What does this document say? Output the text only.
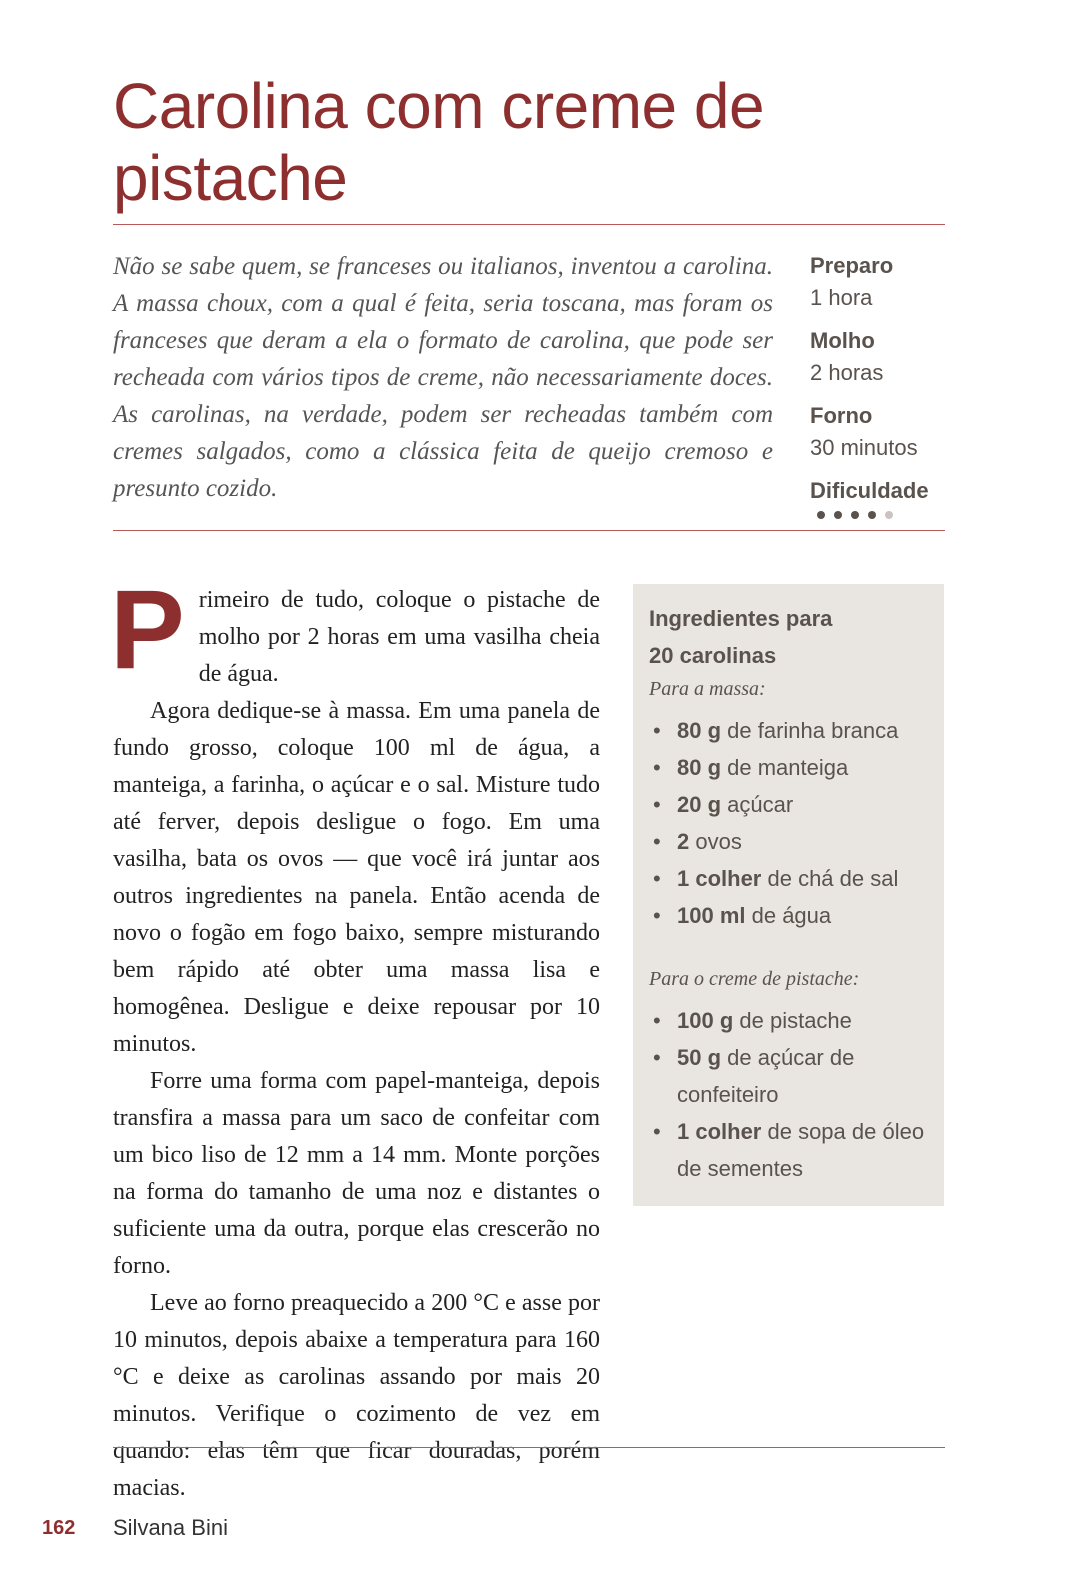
Carolina com creme de pistache

Não se sabe quem, se franceses ou italianos, inventou a carolina. A massa choux, com a qual é feita, seria toscana, mas foram os franceses que deram a ela o formato de carolina, que pode ser recheada com vários tipos de creme, não necessariamente doces. As carolinas, na verdade, podem ser recheadas também com cremes salgados, como a clássica feita de queijo cremoso e presunto cozido.

Preparo
1 hora
Molho
2 horas
Forno
30 minutos
Dificuldade

Primeiro de tudo, coloque o pistache de molho por 2 horas em uma vasilha cheia de água.

Agora dedique-se à massa. Em uma panela de fundo grosso, coloque 100 ml de água, a manteiga, a farinha, o açúcar e o sal. Misture tudo até ferver, depois desligue o fogo. Em uma vasilha, bata os ovos — que você irá juntar aos outros ingredientes na panela. Então acenda de novo o fogão em fogo baixo, sempre misturando bem rápido até obter uma massa lisa e homogênea. Desligue e deixe repousar por 10 minutos.

Forre uma forma com papel-manteiga, depois transfira a massa para um saco de confeitar com um bico liso de 12 mm a 14 mm. Monte porções na forma do tamanho de uma noz e distantes o suficiente uma da outra, porque elas crescerão no forno.

Leve ao forno preaquecido a 200 °C e asse por 10 minutos, depois abaixe a temperatura para 160 °C e deixe as carolinas assando por mais 20 minutos. Verifique o cozimento de vez em quando: elas têm que ficar douradas, porém macias.

Ingredientes para
20 carolinas
Para a massa:
• 80 g de farinha branca
• 80 g de manteiga
• 20 g açúcar
• 2 ovos
• 1 colher de chá de sal
• 100 ml de água
Para o creme de pistache:
• 100 g de pistache
• 50 g de açúcar de confeiteiro
• 1 colher de sopa de óleo de sementes
162 Silvana Bini
